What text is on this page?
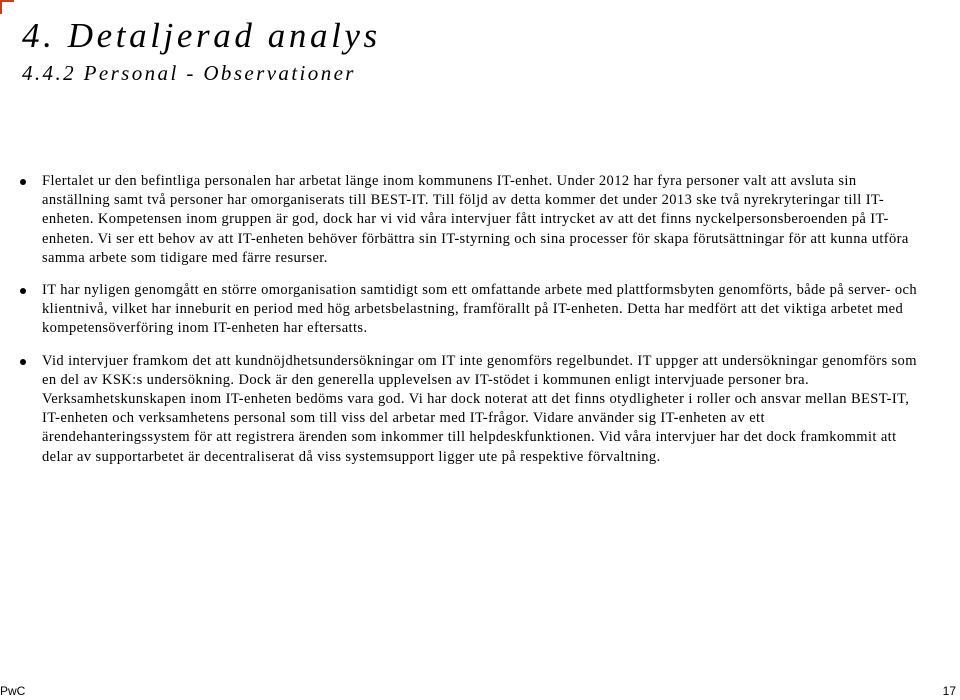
4. Detaljerad analys
4.4.2 Personal - Observationer
Flertalet ur den befintliga personalen har arbetat länge inom kommunens IT-enhet. Under 2012 har fyra personer valt att avsluta sin anställning samt två personer har omorganiserats till BEST-IT. Till följd av detta kommer det under 2013 ske två nyrekryteringar till IT-enheten. Kompetensen inom gruppen är god, dock har vi vid våra intervjuer fått intrycket av att det finns nyckelpersonsberoenden på IT-enheten. Vi ser ett behov av att IT-enheten behöver förbättra sin IT-styrning och sina processer för skapa förutsättningar för att kunna utföra samma arbete som tidigare med färre resurser.
IT har nyligen genomgått en större omorganisation samtidigt som ett omfattande arbete med plattformsbyten genomförts, både på server- och klientnivå, vilket har inneburit en period med hög arbetsbelastning, framförallt på IT-enheten. Detta har medfört att det viktiga arbetet med kompetensöverföring inom IT-enheten har eftersatts.
Vid intervjuer framkom det att kundnöjdhetsundersökningar om IT inte genomförs regelbundet. IT uppger att undersökningar genomförs som en del av KSK:s undersökning. Dock är den generella upplevelsen av IT-stödet i kommunen enligt intervjuade personer bra. Verksamhetskunskapen inom IT-enheten bedöms vara god. Vi har dock noterat att det finns otydligheter i roller och ansvar mellan BEST-IT, IT-enheten och verksamhetens personal som till viss del arbetar med IT-frågor. Vidare använder sig IT-enheten av ett ärendehanteringssystem för att registrera ärenden som inkommer till helpdeskfunktionen. Vid våra intervjuer har det dock framkommit att delar av supportarbetet är decentraliserat då viss systemsupport ligger ute på respektive förvaltning.
PwC	17
